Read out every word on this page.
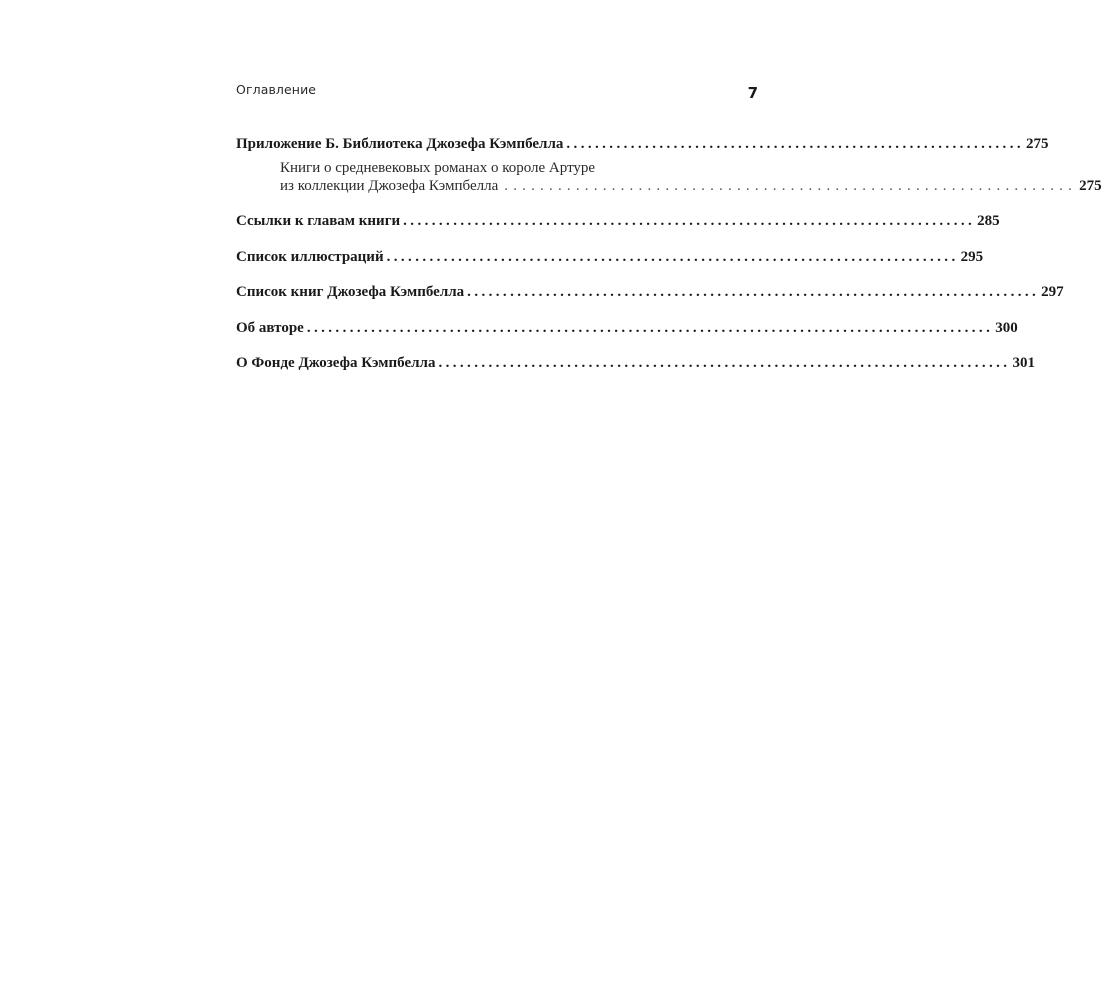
Оглавление	7
Приложение Б. Библиотека Джозефа Кэмпбелла ................................................................ 275
Книги о средневековых романах о короле Артуре
из коллекции Джозефа Кэмпбелла ................................................................ 275
Ссылки к главам книги ................................................................................ 285
Список иллюстраций ................................................................................ 295
Список книг Джозефа Кэмпбелла ................................................................................ 297
Об авторе ................................................................................................ 300
О Фонде Джозефа Кэмпбелла ................................................................................ 301
